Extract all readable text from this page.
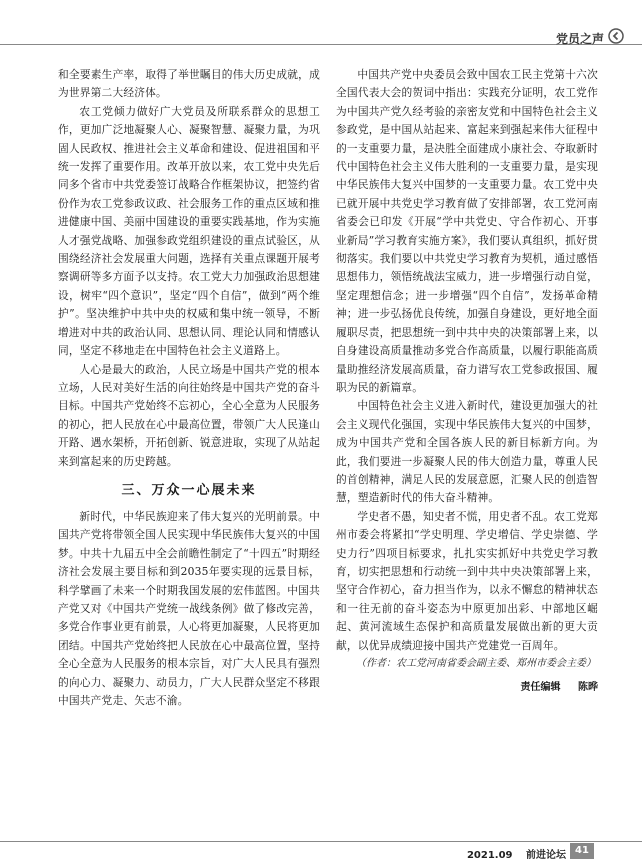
党员之声

和全要素生产率，取得了举世瞩目的伟大历史成就，成为世界第二大经济体。

农工党倾力做好广大党员及所联系群众的思想工作，更加广泛地凝聚人心、凝聚智慧、凝聚力量，为巩固人民政权、推进社会主义革命和建设、促进祖国和平统一发挥了重要作用。改革开放以来，农工党中央先后同多个省市中共党委签订战略合作框架协议，把签约省份作为农工党参政议政、社会服务工作的重点区域和推进健康中国、美丽中国建设的重要实践基地，作为实施人才强党战略、加强参政党组织建设的重点试验区，从围绕经济社会发展重大问题，选择有关重点课题开展考察调研等多方面予以支持。农工党大力加强政治思想建设，树牢“四个意识”，坚定“四个自信”，做到“两个维护”。坚决维护中共中央的权威和集中统一领导，不断增进对中共的政治认同、思想认同、理论认同和情感认同，坚定不移地走在中国特色社会主义道路上。

人心是最大的政治，人民立场是中国共产党的根本立场，人民对美好生活的向往始终是中国共产党的奋斗目标。中国共产党始终不忘初心，全心全意为人民服务的初心，把人民放在心中最高位置，带领广大人民逢山开路、遇水架桥，开拓创新、锐意进取，实现了从站起来到富起来的历史跨越。

三、万众一心展未来

新时代，中华民族迎来了伟大复兴的光明前景。中国共产党将带领全国人民实现中华民族伟大复兴的中国梦。中共十九届五中全会前瞻性制定了“十四五”时期经济社会发展主要目标和到2035年要实现的远景目标，科学擘画了未来一个时期我国发展的宏伟蓝图。中国共产党又对《中国共产党统一战线条例》做了修改完善，多党合作事业更有前景，人心将更加凝聚，人民将更加团结。中国共产党始终把人民放在心中最高位置，坚持全心全意为人民服务的根本宗旨，对广大人民具有强烈的向心力、凝聚力、动员力，广大人民群众坚定不移跟中国共产党走、矢志不渝。

中国共产党中央委员会致中国农工民主党第十六次全国代表大会的贺词中指出：实践充分证明，农工党作为中国共产党久经考验的亲密友党和中国特色社会主义参政党，是中国从站起来、富起来到强起来伟大征程中的一支重要力量，是决胜全面建成小康社会、夺取新时代中国特色社会主义伟大胜利的一支重要力量，是实现中华民族伟大复兴中国梦的一支重要力量。农工党中央已就开展中共党史学习教育做了安排部署，农工党河南省委会已印发《开展“学中共党史、守合作初心、开事业新局”学习教育实施方案》，我们要认真组织，抓好贯彻落实。我们要以中共党史学习教育为契机，通过感悟思想伟力，领悟统战法宝威力，进一步增强行动自觉，坚定理想信念；进一步增强“四个自信”，发扬革命精神；进一步弘扬优良传统，加强自身建设，更好地全面履职尽责，把思想统一到中共中央的决策部署上来，以自身建设高质量推动多党合作高质量，以履行职能高质量助推经济发展高质量，奋力谱写农工党参政报国、履职为民的新篇章。

中国特色社会主义进入新时代，建设更加强大的社会主义现代化强国，实现中华民族伟大复兴的中国梦，成为中国共产党和全国各族人民的新目标新方向。为此，我们要进一步凝聚人民的伟大创造力量，尊重人民的首创精神，满足人民的发展意愿，汇聚人民的创造智慧，塑造新时代的伟大奋斗精神。

学史者不愚，知史者不慌，用史者不乱。农工党郑州市委会将紧扣“学史明理、学史增信、学史崇德、学史力行”四项目标要求，扎扎实实抓好中共党史学习教育，切实把思想和行动统一到中共中央决策部署上来，坚守合作初心，奋力担当作为，以永不懈怠的精神状态和一往无前的奋斗姿态为中原更加出彩、中部地区崛起、黄河流域生态保护和高质量发展做出新的更大贡献，以优异成绩迎接中国共产党建党一百周年。

（作者：农工党河南省委会副主委、郑州市委会主委）

责任编辑 陈晔
2021.09 前进论坛 41
